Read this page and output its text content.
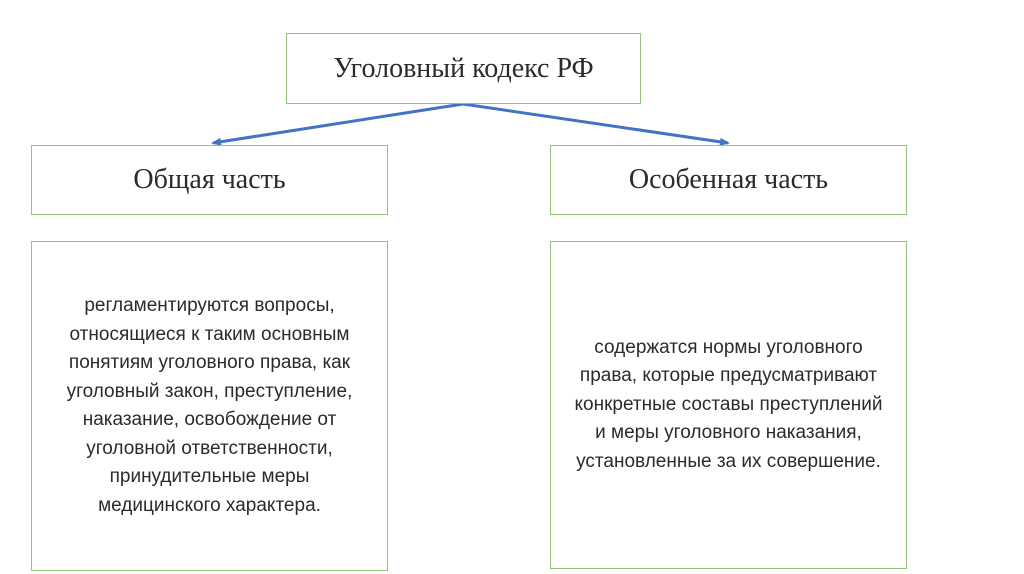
Уголовный кодекс РФ
Общая часть	Особенная часть
регламентируются вопросы, относящиеся к таким основным понятиям уголовного права, как уголовный закон, преступление, наказание, освобождение от уголовной ответственности, принудительные меры медицинского характера.
содержатся нормы уголовного права, которые предусматривают конкретные составы преступлений и меры уголовного наказания, установленные за их совершение.
